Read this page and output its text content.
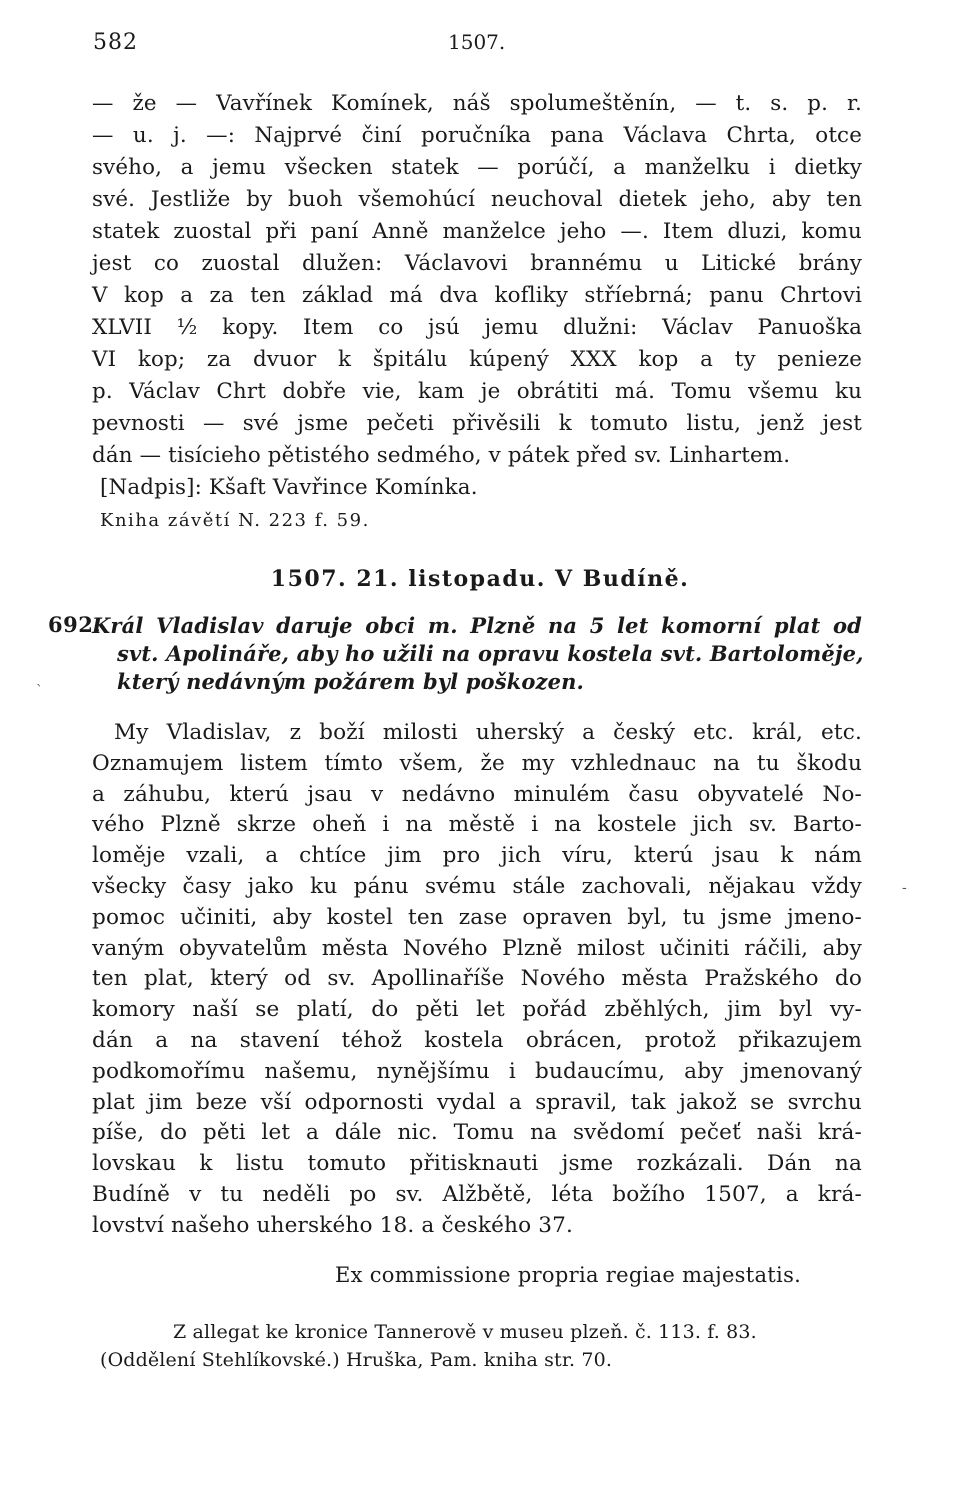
582	1507.
— že — Vavřínek Komínek, náš spolumeštěnín, — t. s. p. r.
— u. j. —: Najprvé činí poručníka pana Václava Chrta, otce
svého, a jemu všecken statek — porúčí, a manželku i dietky
své. Jestliže by buoh všemohúcí neuchoval dietek jeho, aby ten
statek zuostal při paní Anně manželce jeho —. Item dluzi, komu
jest co zuostal dlužen: Václavovi brannému u Litické brány
V kop a za ten základ má dva kofliky stříebrná; panu Chrtovi
XLVII ½ kopy. Item co jsú jemu dlužni: Václav Panuoška
VI kop; za dvuor k špitálu kúpený XXX kop a ty penieze
p. Václav Chrt dobře vie, kam je obrátiti má. Tomu všemu ku
pevnosti — své jsme pečeti přivěsili k tomuto listu, jenž jest
dán — tisícieho pětistého sedmého, v pátek před sv. Linhartem.
[Nadpis]: Kšaft Vavřince Komínka.
Kniha závětí N. 223 f. 59.
1507. 21. listopadu. V Budíně.
692.
Král Vladislav daruje obci m. Plzně na 5 let komorní plat od
svt. Apolináře, aby ho užili na opravu kostela svt. Bartoloměje,
který nedávným požárem byl poškozen.
ˋ
My Vladislav, z boží milosti uherský a český etc. král, etc.
Oznamujem listem tímto všem, že my vzhlednauc na tu škodu
a záhubu, kterú jsau v nedávno minulém času obyvatelé No-
vého Plzně skrze oheň i na městě i na kostele jich sv. Barto-
loměje vzali, a chtíce jim pro jich víru, kterú jsau k nám
všecky časy jako ku pánu svému stále zachovali, nějakau vždy
pomoc učiniti, aby kostel ten zase opraven byl, tu jsme jmeno-
vaným obyvatelům města Nového Plzně milost učiniti ráčili, aby
ten plat, který od sv. Apollinaříše Nového města Pražského do
komory naší se platí, do pěti let pořád zběhlých, jim byl vy-
dán a na stavení téhož kostela obrácen, protož přikazujem
podkomořímu našemu, nynějšímu i budaucímu, aby jmenovaný
plat jim beze vší odpornosti vydal a spravil, tak jakož se svrchu
píše, do pěti let a dále nic. Tomu na svědomí pečeť naši krá-
lovskau k listu tomuto přitisknauti jsme rozkázali. Dán na
Budíně v tu neděli po sv. Alžbětě, léta božího 1507, a krá-
lovství našeho uherského 18. a českého 37.
-
Ex commissione propria regiae majestatis.
Z allegat ke kronice Tannerově v museu plzeň. č. 113. f. 83.
(Oddělení Stehlíkovské.) Hruška, Pam. kniha str. 70.
